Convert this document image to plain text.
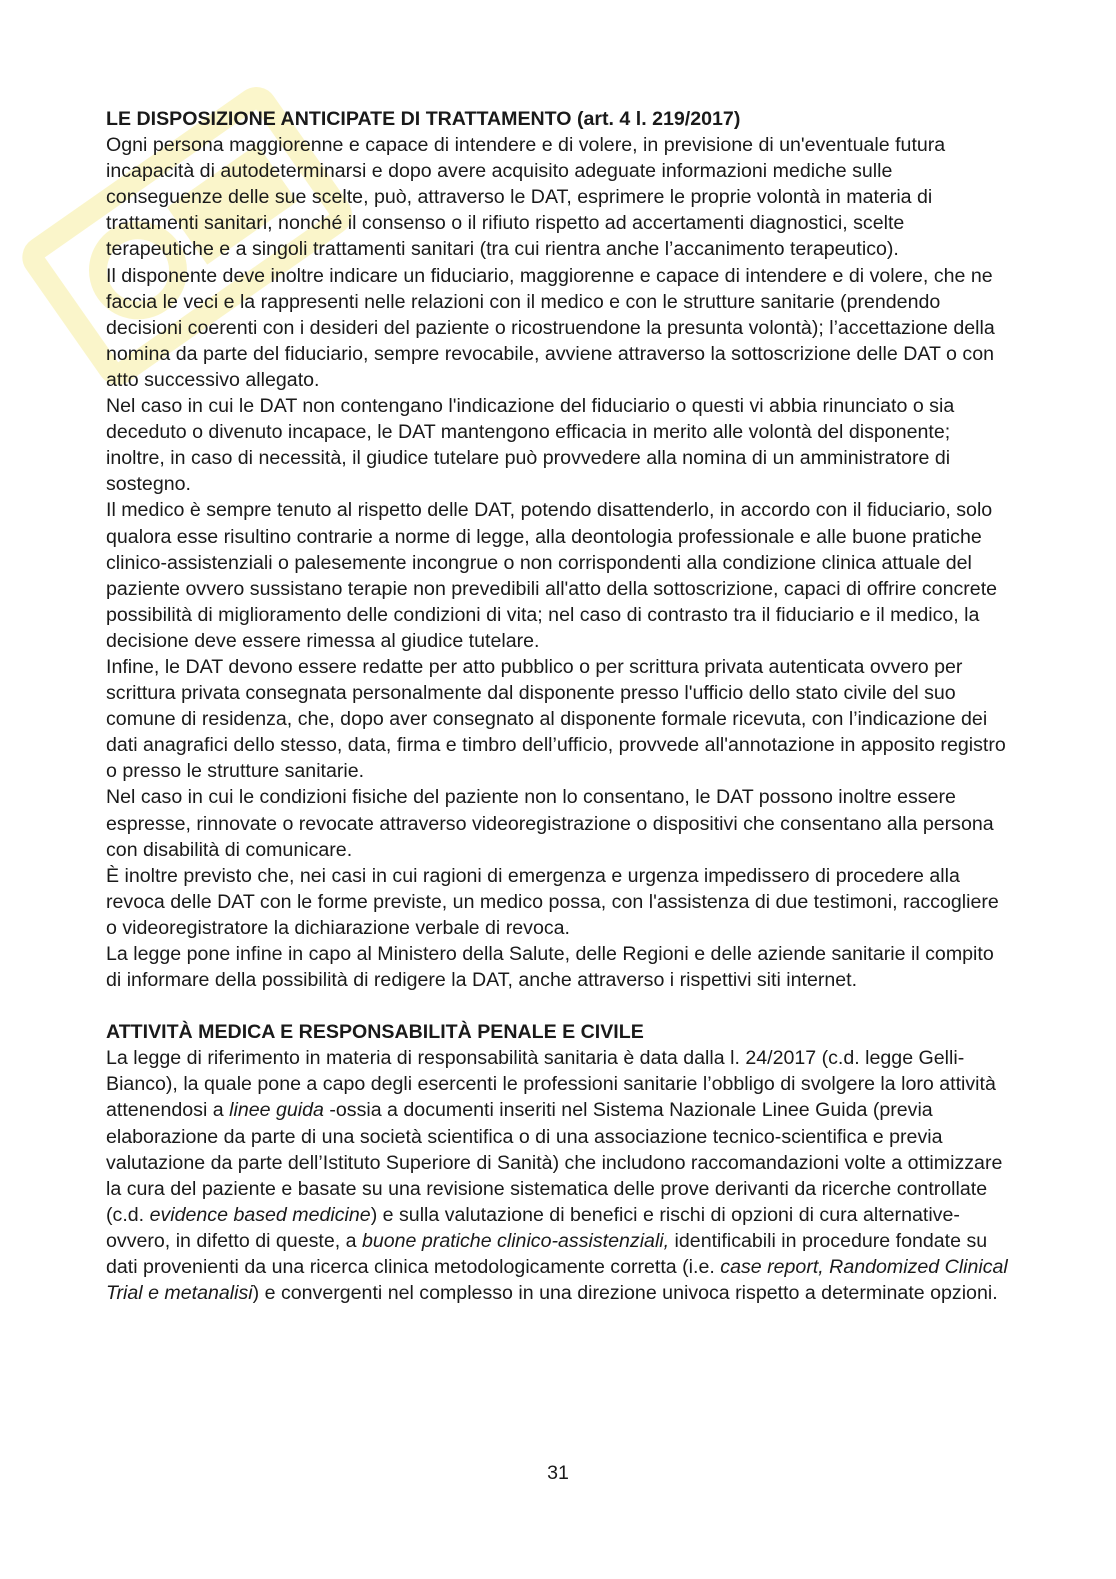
LE DISPOSIZIONE ANTICIPATE DI TRATTAMENTO (art. 4 l. 219/2017)

Ogni persona maggiorenne e capace di intendere e di volere, in previsione di un'eventuale futura incapacità di autodeterminarsi e dopo avere acquisito adeguate informazioni mediche sulle conseguenze delle sue scelte, può, attraverso le DAT, esprimere le proprie volontà in materia di trattamenti sanitari, nonché il consenso o il rifiuto rispetto ad accertamenti diagnostici, scelte terapeutiche e a singoli trattamenti sanitari (tra cui rientra anche l’accanimento terapeutico).

Il disponente deve inoltre indicare un fiduciario, maggiorenne e capace di intendere e di volere, che ne faccia le veci e la rappresenti nelle relazioni con il medico e con le strutture sanitarie (prendendo decisioni coerenti con i desideri del paziente o ricostruendone la presunta volontà); l’accettazione della nomina da parte del fiduciario, sempre revocabile, avviene attraverso la sottoscrizione delle DAT o con atto successivo allegato.

Nel caso in cui le DAT non contengano l'indicazione del fiduciario o questi vi abbia rinunciato o sia deceduto o divenuto incapace, le DAT mantengono efficacia in merito alle volontà del disponente; inoltre, in caso di necessità, il giudice tutelare può provvedere alla nomina di un amministratore di sostegno.

Il medico è sempre tenuto al rispetto delle DAT, potendo disattenderlo, in accordo con il fiduciario, solo qualora esse risultino contrarie a norme di legge, alla deontologia professionale e alle buone pratiche clinico-assistenziali o palesemente incongrue o non corrispondenti alla condizione clinica attuale del paziente ovvero sussistano terapie non prevedibili all'atto della sottoscrizione, capaci di offrire concrete possibilità di miglioramento delle condizioni di vita; nel caso di contrasto tra il fiduciario e il medico, la decisione deve essere rimessa al giudice tutelare.

Infine, le DAT devono essere redatte per atto pubblico o per scrittura privata autenticata ovvero per scrittura privata consegnata personalmente dal disponente presso l'ufficio dello stato civile del suo comune di residenza, che, dopo aver consegnato al disponente formale ricevuta, con l’indicazione dei dati anagrafici dello stesso, data, firma e timbro dell’ufficio, provvede all'annotazione in apposito registro o presso le strutture sanitarie.

Nel caso in cui le condizioni fisiche del paziente non lo consentano, le DAT possono inoltre essere espresse, rinnovate o revocate attraverso videoregistrazione o dispositivi che consentano alla persona con disabilità di comunicare.

È inoltre previsto che, nei casi in cui ragioni di emergenza e urgenza impedissero di procedere alla revoca delle DAT con le forme previste, un medico possa, con l'assistenza di due testimoni, raccogliere o videoregistratore la dichiarazione verbale di revoca.

La legge pone infine in capo al Ministero della Salute, delle Regioni e delle aziende sanitarie il compito di informare della possibilità di redigere la DAT, anche attraverso i rispettivi siti internet.

ATTIVITÀ MEDICA E RESPONSABILITÀ PENALE E CIVILE

La legge di riferimento in materia di responsabilità sanitaria è data dalla l. 24/2017 (c.d. legge Gelli-Bianco), la quale pone a capo degli esercenti le professioni sanitarie l’obbligo di svolgere la loro attività attenendosi a linee guida -ossia a documenti inseriti nel Sistema Nazionale Linee Guida (previa elaborazione da parte di una società scientifica o di una associazione tecnico-scientifica e previa valutazione da parte dell’Istituto Superiore di Sanità) che includono raccomandazioni volte a ottimizzare la cura del paziente e basate su una revisione sistematica delle prove derivanti da ricerche controllate (c.d. evidence based medicine) e sulla valutazione di benefici e rischi di opzioni di cura alternative- ovvero, in difetto di queste, a buone pratiche clinico-assistenziali, identificabili in procedure fondate su dati provenienti da una ricerca clinica metodologicamente corretta (i.e. case report, Randomized Clinical Trial e metanalisi) e convergenti nel complesso in una direzione univoca rispetto a determinate opzioni.

31
